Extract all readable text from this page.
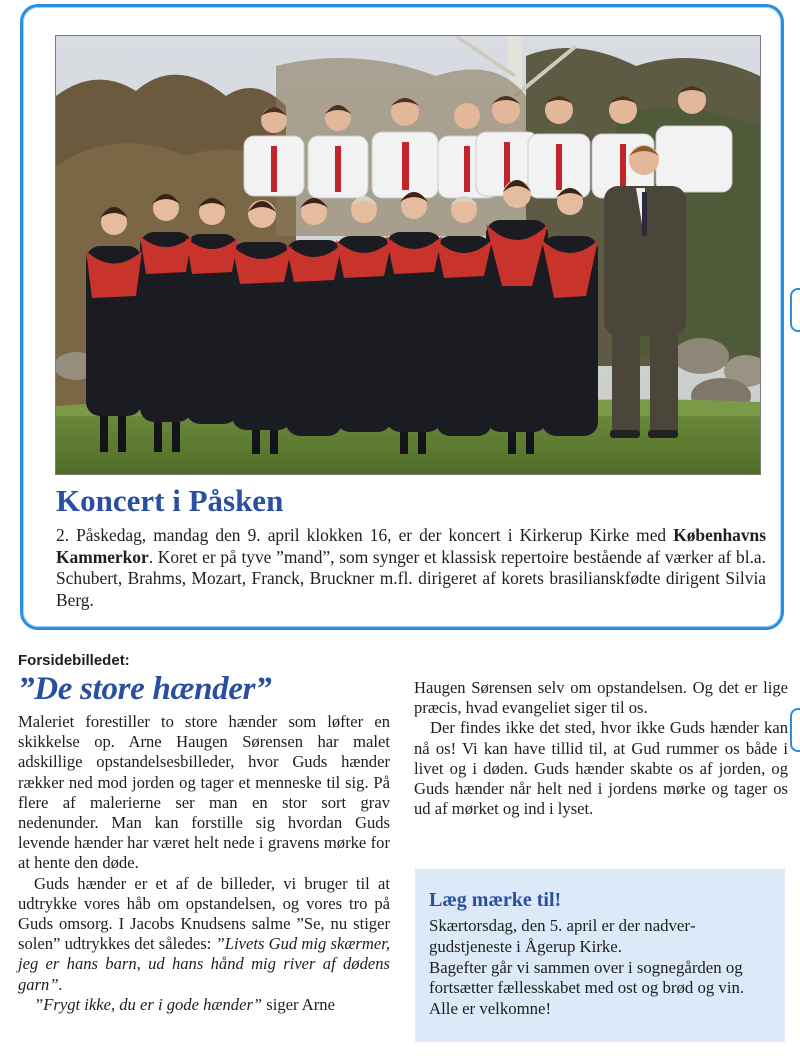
Koncert i Påsken

2. Påskedag, mandag den 9. april klokken 16, er der koncert i Kirkerup Kirke med Københavns Kammerkor. Koret er på tyve ”mand”, som synger et klassisk repertoire bestående af værker af bl.a. Schubert, Brahms, Mozart, Franck, Bruckner m.fl. dirigeret af korets brasilianskfødte dirigent Silvia Berg.

Forsidebilledet:

”De store hænder”

Maleriet forestiller to store hænder som løfter en skikkelse op. Arne Haugen Sørensen har malet adskillige opstandelsesbilleder, hvor Guds hænder rækker ned mod jorden og tager et menneske til sig. På flere af malerierne ser man en stor sort grav nedenunder. Man kan forstille sig hvordan Guds levende hænder har været helt nede i gravens mørke for at hente den døde.

Guds hænder er et af de billeder, vi bruger til at udtrykke vores håb om opstandelsen, og vores tro på Guds omsorg. I Jacobs Knudsens salme ”Se, nu stiger solen” udtrykkes det således: ”Livets Gud mig skærmer, jeg er hans barn, ud hans hånd mig river af dødens garn”.

”Frygt ikke, du er i gode hænder” siger Arne

Haugen Sørensen selv om opstandelsen. Og det er lige præcis, hvad evangeliet siger til os.

Der findes ikke det sted, hvor ikke Guds hænder kan nå os! Vi kan have tillid til, at Gud rummer os både i livet og i døden. Guds hænder skabte os af jorden, og Guds hænder når helt ned i jordens mørke og tager os ud af mørket og ind i lyset.

Læg mærke til!

Skærtorsdag, den 5. april er der nadvergudstjeneste i Ågerup Kirke.

Bagefter går vi sammen over i sognegården og fortsætter fællesskabet med ost og brød og vin. Alle er velkomne!
